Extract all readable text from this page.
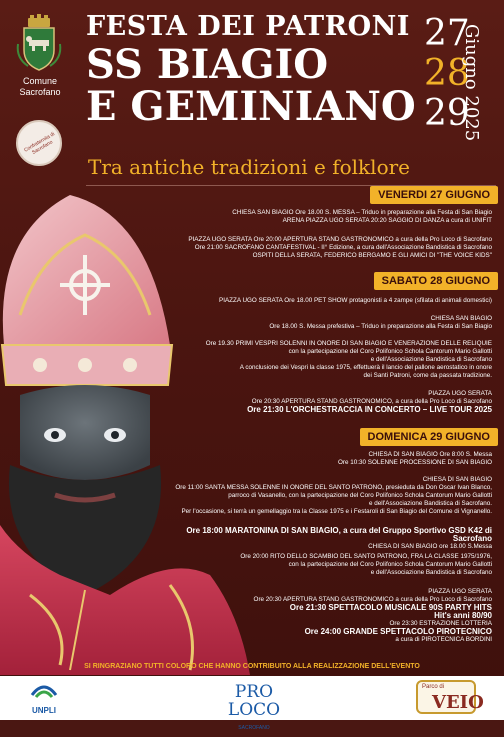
Comune
Sacrofano
Confraternita di Sacrofano
FESTA DEI PATRONI
SS BIAGIO
E GEMINIANO
27
28
29
Giugno 2025
Tra antiche tradizioni e folklore
VENERDI 27 GIUGNO
CHIESA SAN BIAGIO Ore 18.00 S. MESSA – Triduo in preparazione alla Festa di San Biagio
ARENA PIAZZA UGO SERATA 20:20 SAGGIO DI DANZA a cura di UNIFIT
PIAZZA UGO SERATA Ore 20:00 APERTURA STAND GASTRONOMICO a cura della Pro Loco di Sacrofano
Ore 21:00 SACROFANO CANTAFESTIVAL - II° Edizione, a cura dell'Associazione Bandistica di Sacrofano
OSPITI DELLA SERATA, FEDERICO BERGAMO E GLI AMICI DI "THE VOICE KIDS"
SABATO 28 GIUGNO
PIAZZA UGO SERATA Ore 18.00 PET SHOW protagonisti a 4 zampe (sfilata di animali domestici)
CHIESA SAN BIAGIO
Ore 18.00 S. Messa prefestiva – Triduo in preparazione alla Festa di San Biagio
Ore 19.30 PRIMI VESPRI SOLENNI IN ONORE DI SAN BIAGIO E VENERAZIONE DELLE RELIQUIE
con la partecipazione del Coro Polifonico Schola Cantorum Mario Gallotti
e dell'Associazione Bandistica di Sacrofano
A conclusione dei Vespri la classe 1975, effettuerà il lancio del pallone aerostatico in onore
dei Santi Patroni, come da passata tradizione.
PIAZZA UGO SERATA
Ore 20:30 APERTURA STAND GASTRONOMICO, a cura della Pro Loco di Sacrofano
Ore 21:30 L'ORCHESTRACCIA IN CONCERTO – LIVE TOUR 2025
DOMENICA 29 GIUGNO
CHIESA DI SAN BIAGIO Ore 8:00 S. Messa
Ore 10:30 SOLENNE PROCESSIONE DI SAN BIAGIO
CHIESA DI SAN BIAGIO
Ore 11:00 SANTA MESSA SOLENNE IN ONORE DEL SANTO PATRONO, presieduta da Don Oscar Ivan Blanco,
parroco di Vasanello, con la partecipazione del Coro Polifonico Schola Cantorum Mario Gallotti
e dell'Associazione Bandistica di Sacrofano.
Per l'occasione, si terrà un gemellaggio tra la Classe 1975 e i Festaroli di San Biagio del Comune di Vignanello.
Ore 18:00 MARATONINA DI SAN BIAGIO, a cura del Gruppo Sportivo GSD K42 di Sacrofano
CHIESA DI SAN BIAGIO ore 18.00 S.Messa
Ore 20:00 RITO DELLO SCAMBIO DEL SANTO PATRONO, FRA LA CLASSE 1975/1976,
con la partecipazione del Coro Polifonico Schola Cantorum Mario Gallotti
e dell'Associazione Bandistica di Sacrofano
PIAZZA UGO SERATA
Ore 20:30 APERTURA STAND GASTRONOMICO a cura della Pro Loco di Sacrofano
Ore 21:30 SPETTACOLO MUSICALE 90S PARTY HITS
Hit's anni 80/90
Ore 23:30 ESTRAZIONE LOTTERIA
Ore 24:00 GRANDE SPETTACOLO PIROTECNICO
a cura di PIROTECNICA BORDINI
SI RINGRAZIANO TUTTI COLORO CHE HANNO CONTRIBUITO ALLA REALIZZAZIONE DELL'EVENTO
UNPLI
PRO LOCO
SACROFANO
Parco di
VEIO
